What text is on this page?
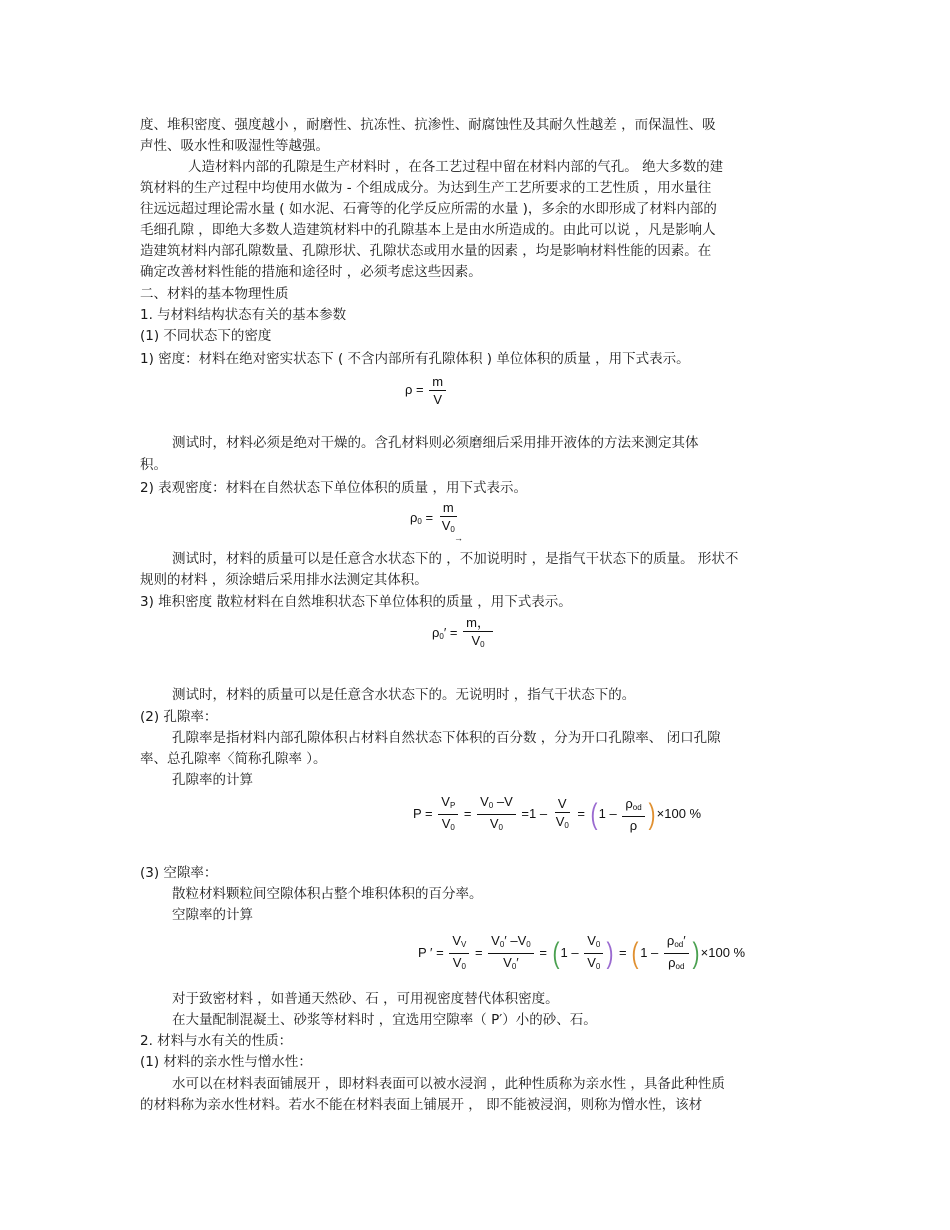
度、堆积密度、强度越小 ，耐磨性、抗冻性、抗渗性、耐腐蚀性及其耐久性越差 ，而保温性、吸
声性、吸水性和吸湿性等越强。
人造材料内部的孔隙是生产材料时 ，在各工艺过程中留在材料内部的气孔。 绝大多数的建
筑材料的生产过程中均使用水做为 - 个组成成分。为达到生产工艺所要求的工艺性质 ，用水量往
往远远超过理论需水量 ( 如水泥、石膏等的化学反应所需的水量 )，多余的水即形成了材料内部的
毛细孔隙 ，即绝大多数人造建筑材料中的孔隙基本上是由水所造成的。由此可以说 ，凡是影响人
造建筑材料内部孔隙数量、孔隙形状、孔隙状态或用水量的因素 ，均是影响材料性能的因素。在
确定改善材料性能的措施和途径时 ，必须考虑这些因素。
二、材料的基本物理性质
1. 与材料结构状态有关的基本参数
(1) 不同状态下的密度
1) 密度：材料在绝对密实状态下 ( 不含内部所有孔隙体积 ) 单位体积的质量 ，用下式表示。
$\rho = \frac{m}{V}$
测试时，材料必须是绝对干燥的。含孔材料则必须磨细后采用排开液体的方法来测定其体
积。
2) 表观密度：材料在自然状态下单位体积的质量 ，用下式表示。
$\rho_0 = \frac{m}{V_0}$
→
测试时，材料的质量可以是任意含水状态下的 ，不加说明时 ，是指气干状态下的质量。 形状不
规则的材料 ，须涂蜡后采用排水法测定其体积。
3) 堆积密度 散粒材料在自然堆积状态下单位体积的质量 ，用下式表示。
$\rho_0' = \frac{m,}{V_0}$
测试时，材料的质量可以是任意含水状态下的。无说明时 ，指气干状态下的。
(2) 孔隙率：
孔隙率是指材料内部孔隙体积占材料自然状态下体积的百分数 ，分为开口孔隙率、 闭口孔隙
率、总孔隙率〈简称孔隙率 ）。
孔隙率的计算
$P = \frac{V_P}{V_0} = \frac{V_0 -V}{V_0} =1 - \frac{V}{V_0}$ = ( $1 - \frac{\rho_{od}}{\rho}$ ) ×100 %
(3) 空隙率：
散粒材料颗粒间空隙体积占整个堆积体积的百分率。
空隙率的计算
P ′ = $\frac{V_V}{V_0} = \frac{V_0' -V_0}{V_0'}$ = ( $1 - \frac{V_0}{V_0}$ ) = ( $1 - \frac{\rho_{od}'}{\rho_{od}}$ ) ×100 %
对于致密材料 ，如普通天然砂、石 ，可用视密度替代体积密度。
在大量配制混凝土、砂浆等材料时 ，宜选用空隙率（ P′）小的砂、石。
2. 材料与水有关的性质：
(1) 材料的亲水性与憎水性：
水可以在材料表面铺展开 ，即材料表面可以被水浸润 ，此种性质称为亲水性 ，具备此种性质
的材料称为亲水性材料。若水不能在材料表面上铺展开 ， 即不能被浸润，则称为憎水性，该材
